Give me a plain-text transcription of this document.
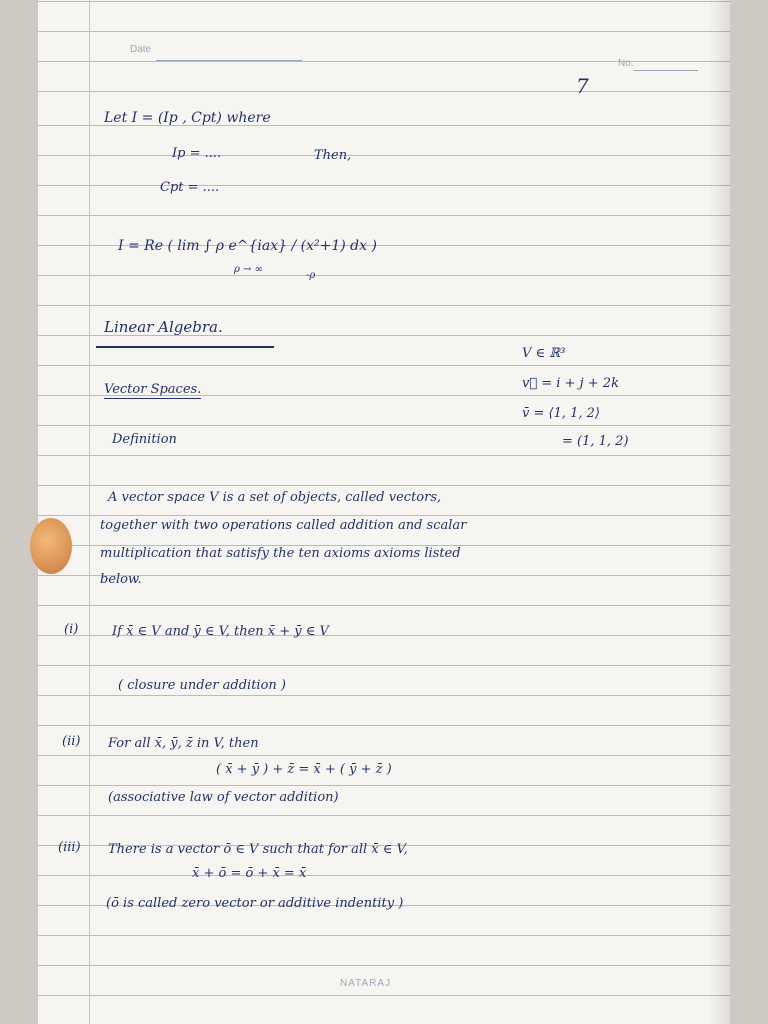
Date
No.
7
Let I = (Ip , Cpt) where
Ip = ....	Then,
Cpt = ....
I = Re ( lim ∫ ρ e^{iax} / (x²+1) dx )
ρ → ∞
-ρ
Linear Algebra.
V ∈ ℝ³
v⃗ = i + j + 2k
Vector Spaces.
v̄ = ⟨1, 1, 2⟩
Definition	= (1, 1, 2)
A vector space V is a set of objects, called vectors,
together with two operations called addition and scalar
multiplication that satisfy the ten axioms axioms listed
below.
(i)	If x̄ ∈ V and ȳ ∈ V, then x̄ + ȳ ∈ V
( closure under addition )
(ii) For all x̄, ȳ, z̄ in V, then
( x̄ + ȳ ) + z̄ = x̄ + ( ȳ + z̄ )
(associative law of vector addition)
(iii) There is a vector ō ∈ V such that for all x̄ ∈ V,
x̄ + ō = ō + x̄ = x̄
(ō is called zero vector or additive indentity )
NATARAJ
